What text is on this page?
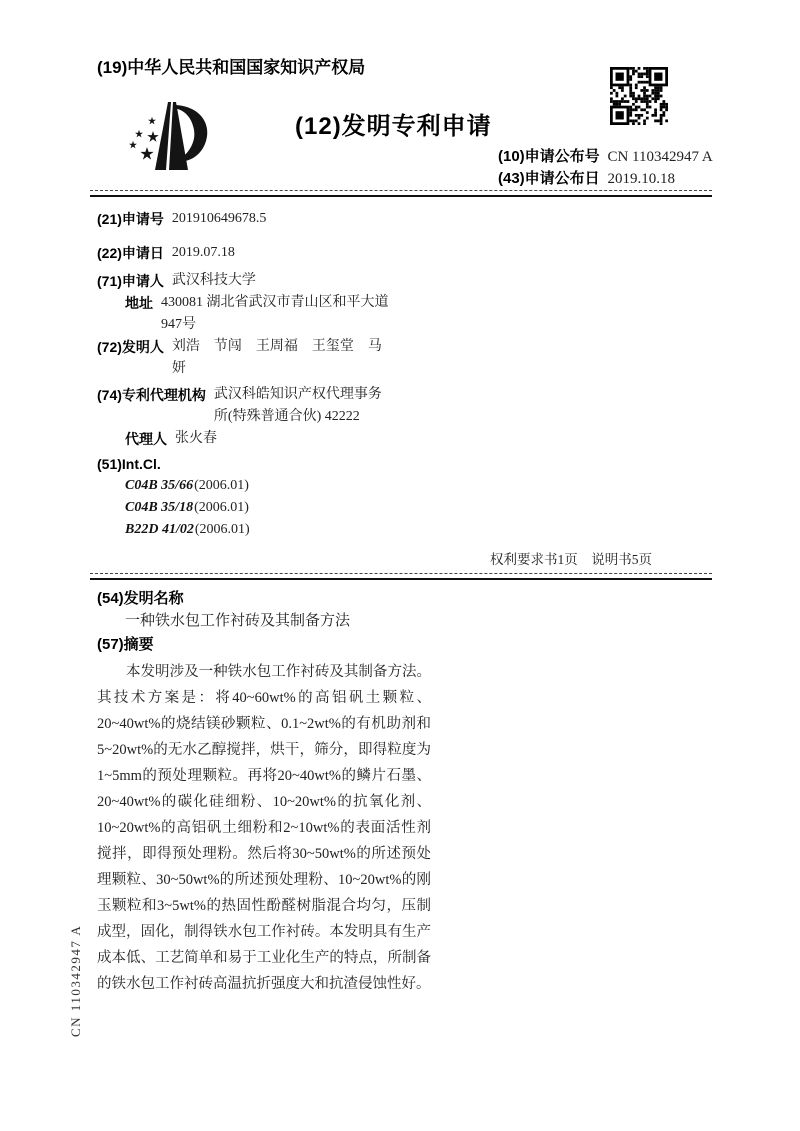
(19)中华人民共和国国家知识产权局
(12)发明专利申请
(10)申请公布号 CN 110342947 A
(43)申请公布日 2019.10.18
(21)申请号 201910649678.5
(22)申请日 2019.07.18
(71)申请人 武汉科技大学
地址 430081 湖北省武汉市青山区和平大道947号
(72)发明人 刘浩　节闯　王周福　王玺堂　马妍
(74)专利代理机构 武汉科皓知识产权代理事务所(特殊普通合伙) 42222
代理人 张火春
(51)Int.Cl.
C04B 35/66(2006.01)
C04B 35/18(2006.01)
B22D 41/02(2006.01)
权利要求书1页　说明书5页
(54)发明名称
一种铁水包工作衬砖及其制备方法
(57)摘要
本发明涉及一种铁水包工作衬砖及其制备方法。其技术方案是：将40~60wt%的高铝矾土颗粒、20~40wt%的烧结镁砂颗粒、0.1~2wt%的有机助剂和5~20wt%的无水乙醇搅拌，烘干，筛分，即得粒度为1~5mm的预处理颗粒。再将20~40wt%的鳞片石墨、20~40wt%的碳化硅细粉、10~20wt%的抗氧化剂、10~20wt%的高铝矾土细粉和2~10wt%的表面活性剂搅拌，即得预处理粉。然后将30~50wt%的所述预处理颗粒、30~50wt%的所述预处理粉、10~20wt%的刚玉颗粒和3~5wt%的热固性酚醛树脂混合均匀，压制成型，固化，制得铁水包工作衬砖。本发明具有生产成本低、工艺简单和易于工业化生产的特点，所制备的铁水包工作衬砖高温抗折强度大和抗渣侵蚀性好。
CN 110342947 A
